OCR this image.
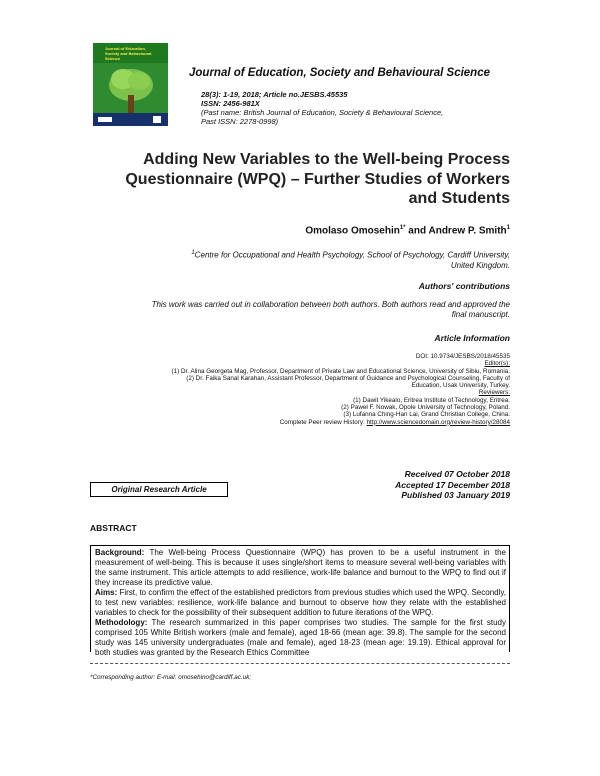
Journal of Education, Society and Behavioural Science
Journal of Education, Society and Behavioural Science
28(3): 1-19, 2018; Article no.JESBS.45535
ISSN: 2456-981X
(Past name: British Journal of Education, Society & Behavioural Science,
Past ISSN: 2278-0998)
Adding New Variables to the Well-being Process
Questionnaire (WPQ) – Further Studies of Workers
and Students
Omolaso Omosehin$^{1*}$ and Andrew P. Smith$^1$
$^1$Centre for Occupational and Health Psychology, School of Psychology, Cardiff University,
United Kingdom.
Authors' contributions
This work was carried out in collaboration between both authors. Both authors read and approved the
final manuscript.
Article Information
DOI: 10.9734/JESBS/2018/45535
Editor(s):
(1) Dr. Alina Georgeta Mag, Professor, Department of Private Law and Educational Science, University of Sibiu, Romania.
(2) Dr. Faika Sanal Karahan, Assistant Professor, Department of Guidance and Psychological Counseling, Faculty of
Education, Usak University, Turkey.
Reviewers:
(1) Dawit Yikealo, Eritrea Institute of Technology, Eritrea.
(2) Paweł F. Nowak, Opole University of Technology, Poland.
(3) Lufanna Ching-Han Lai, Grand Christian College, China.
Complete Peer review History: http://www.sciencedomain.org/review-history/28084
Received 07 October 2018
Accepted 17 December 2018
Published 03 January 2019
Original Research Article
ABSTRACT

Background: The Well-being Process Questionnaire (WPQ) has proven to be a useful instrument in the measurement of well-being. This is because it uses single/short items to measure several well-being variables with the same instrument. This article attempts to add resilience, work-life balance and burnout to the WPQ to find out if they increase its predictive value.

Aims: First, to confirm the effect of the established predictors from previous studies which used the WPQ. Secondly, to test new variables: resilience, work-life balance and burnout to observe how they relate with the established variables to check for the possibility of their subsequent addition to future iterations of the WPQ.

Methodology: The research summarized in this paper comprises two studies. The sample for the first study comprised 105 White British workers (male and female), aged 18-66 (mean age: 39.8). The sample for the second study was 145 university undergraduates (male and female), aged 18-23 (mean age: 19.19). Ethical approval for both studies was granted by the Research Ethics Committee

*Corresponding author: E-mail: omosehino@cardiff.ac.uk;
